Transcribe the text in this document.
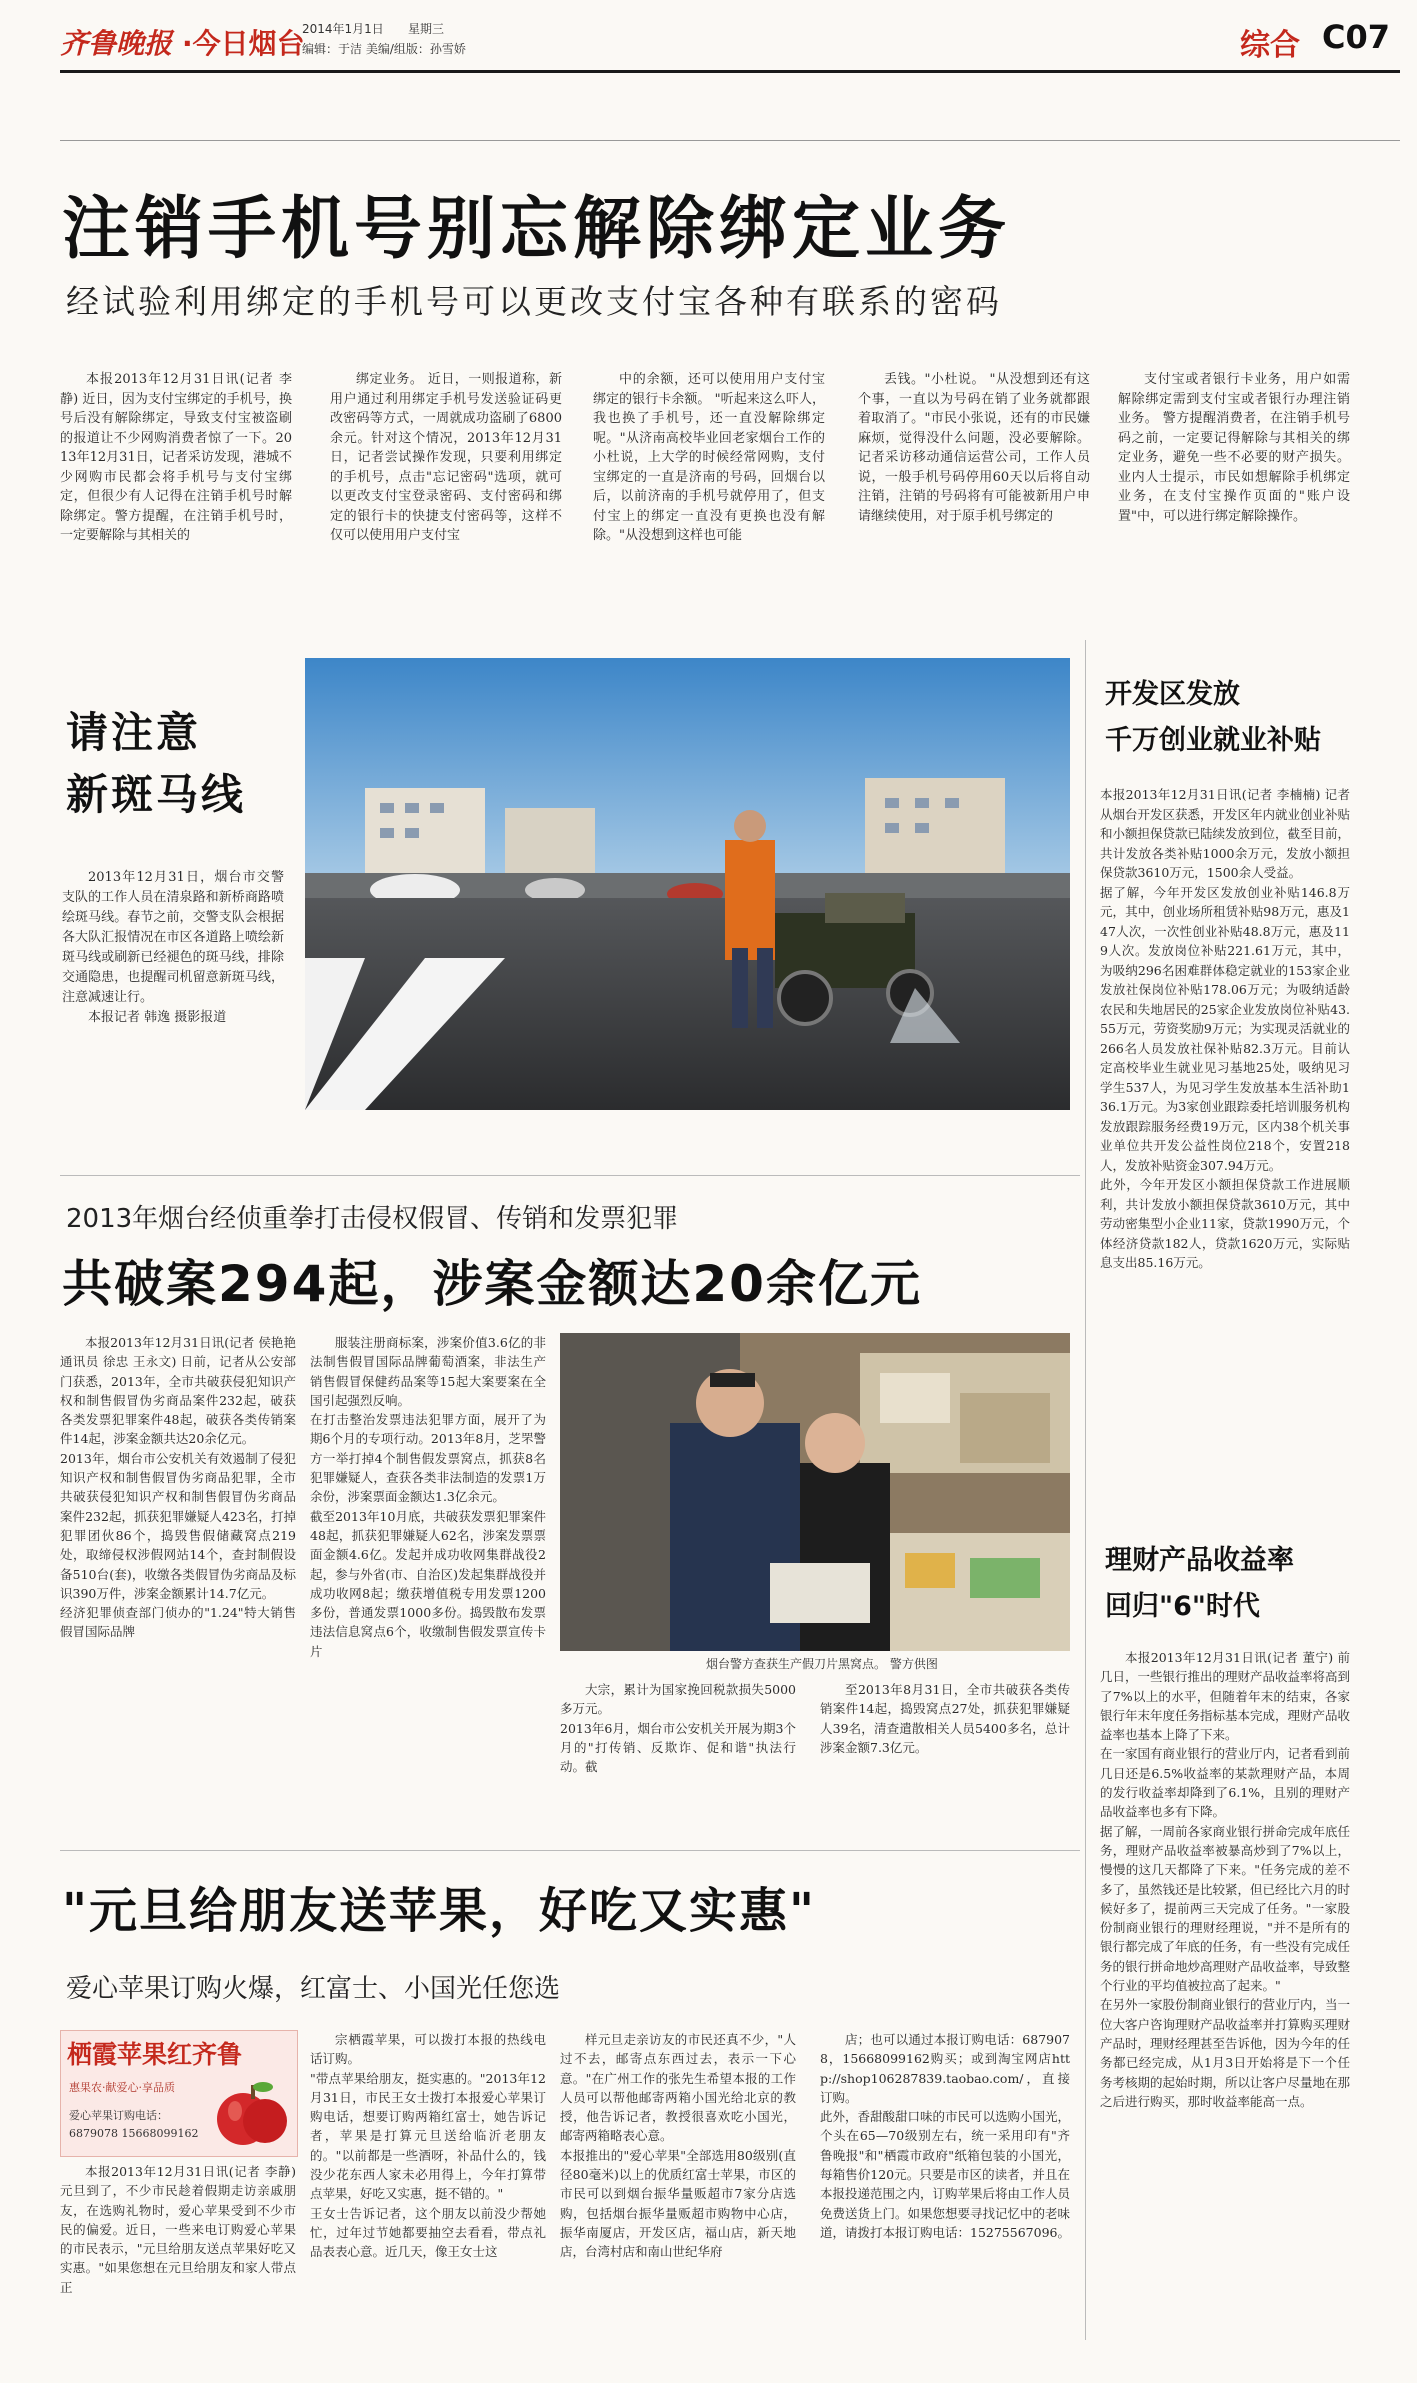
齐鲁晚报 ·今日烟台
2014年1月1日 星期三
编辑：于洁 美编/组版：孙雪娇	综合 C07
注销手机号别忘解除绑定业务
经试验利用绑定的手机号可以更改支付宝各种有联系的密码

本报2013年12月31日讯(记者 李静) 近日，因为支付宝绑定的手机号，换号后没有解除绑定，导致支付宝被盗刷的报道让不少网购消费者惊了一下。2013年12月31日，记者采访发现，港城不少网购市民都会将手机号与支付宝绑定，但很少有人记得在注销手机号时解除绑定。警方提醒，在注销手机号时，一定要解除与其相关的

绑定业务。 近日，一则报道称，新用户通过利用绑定手机号发送验证码更改密码等方式，一周就成功盗刷了6800余元。针对这个情况，2013年12月31日，记者尝试操作发现，只要利用绑定的手机号，点击"忘记密码"选项，就可以更改支付宝登录密码、支付密码和绑定的银行卡的快捷支付密码等，这样不仅可以使用用户支付宝

中的余额，还可以使用用户支付宝绑定的银行卡余额。 "听起来这么吓人，我也换了手机号，还一直没解除绑定呢。"从济南高校毕业回老家烟台工作的小杜说，上大学的时候经常网购，支付宝绑定的一直是济南的号码，回烟台以后，以前济南的手机号就停用了，但支付宝上的绑定一直没有更换也没有解除。"从没想到这样也可能

丢钱。"小杜说。 "从没想到还有这个事，一直以为号码在销了业务就都跟着取消了。"市民小张说，还有的市民嫌麻烦，觉得没什么问题，没必要解除。 记者采访移动通信运营公司，工作人员说，一般手机号码停用60天以后将自动注销，注销的号码将有可能被新用户申请继续使用，对于原手机号绑定的

支付宝或者银行卡业务，用户如需解除绑定需到支付宝或者银行办理注销业务。 警方提醒消费者，在注销手机号码之前，一定要记得解除与其相关的绑定业务，避免一些不必要的财产损失。业内人士提示，市民如想解除手机绑定业务，在支付宝操作页面的"账户设置"中，可以进行绑定解除操作。

请注意
新斑马线

2013年12月31日，烟台市交警支队的工作人员在清泉路和新桥商路喷绘斑马线。春节之前，交警支队会根据各大队汇报情况在市区各道路上喷绘新斑马线或刷新已经褪色的斑马线，排除交通隐患，也提醒司机留意新斑马线，注意减速让行。

本报记者 韩逸 摄影报道

开发区发放
千万创业就业补贴

本报2013年12月31日讯(记者 李楠楠) 记者从烟台开发区获悉，开发区年内就业创业补贴和小额担保贷款已陆续发放到位，截至目前，共计发放各类补贴1000余万元，发放小额担保贷款3610万元，1500余人受益。
据了解，今年开发区发放创业补贴146.8万元，其中，创业场所租赁补贴98万元，惠及147人次，一次性创业补贴48.8万元，惠及119人次。发放岗位补贴221.61万元，其中，为吸纳296名困难群体稳定就业的153家企业发放社保岗位补贴178.06万元；为吸纳适龄农民和失地居民的25家企业发放岗位补贴43.55万元，劳资奖励9万元；为实现灵活就业的266名人员发放社保补贴82.3万元。目前认定高校毕业生就业见习基地25处，吸纳见习学生537人，为见习学生发放基本生活补助136.1万元。为3家创业跟踪委托培训服务机构发放跟踪服务经费19万元，区内38个机关事业单位共开发公益性岗位218个，安置218人，发放补贴资金307.94万元。
此外，今年开发区小额担保贷款工作进展顺利，共计发放小额担保贷款3610万元，其中劳动密集型小企业11家，贷款1990万元，个体经济贷款182人，贷款1620万元，实际贴息支出85.16万元。

2013年烟台经侦重拳打击侵权假冒、传销和发票犯罪
共破案294起，涉案金额达20余亿元

本报2013年12月31日讯(记者 侯艳艳 通讯员 徐忠 王永文) 日前，记者从公安部门获悉，2013年，全市共破获侵犯知识产权和制售假冒伪劣商品案件232起，破获各类发票犯罪案件48起，破获各类传销案件14起，涉案金额共达20余亿元。
2013年，烟台市公安机关有效遏制了侵犯知识产权和制售假冒伪劣商品犯罪，全市共破获侵犯知识产权和制售假冒伪劣商品案件232起，抓获犯罪嫌疑人423名，打掉犯罪团伙86个，捣毁售假储藏窝点219处，取缔侵权涉假网站14个，查封制假设备510台(套)，收缴各类假冒伪劣商品及标识390万件，涉案金额累计14.7亿元。
经济犯罪侦查部门侦办的"1.24"特大销售假冒国际品牌

服装注册商标案，涉案价值3.6亿的非法制售假冒国际品牌葡萄酒案，非法生产销售假冒保健药品案等15起大案要案在全国引起强烈反响。
在打击整治发票违法犯罪方面，展开了为期6个月的专项行动。2013年8月，芝罘警方一举打掉4个制售假发票窝点，抓获8名犯罪嫌疑人，查获各类非法制造的发票1万余份，涉案票面金额达1.3亿余元。
截至2013年10月底，共破获发票犯罪案件48起，抓获犯罪嫌疑人62名，涉案发票票面金额4.6亿。发起并成功收网集群战役2起，参与外省(市、自治区)发起集群战役并成功收网8起；缴获增值税专用发票1200多份，普通发票1000多份。捣毁散布发票违法信息窝点6个，收缴制售假发票宣传卡片

烟台警方查获生产假刀片黑窝点。 警方供图

大宗，累计为国家挽回税款损失5000多万元。
2013年6月，烟台市公安机关开展为期3个月的"打传销、反欺诈、促和谐"执法行动。截

至2013年8月31日，全市共破获各类传销案件14起，捣毁窝点27处，抓获犯罪嫌疑人39名，清查遣散相关人员5400多名，总计涉案金额7.3亿元。

理财产品收益率
回归"6"时代

本报2013年12月31日讯(记者 董宁) 前几日，一些银行推出的理财产品收益率将高到了7%以上的水平，但随着年末的结束，各家银行年末年度任务指标基本完成，理财产品收益率也基本上降了下来。
在一家国有商业银行的营业厅内，记者看到前几日还是6.5%收益率的某款理财产品，本周的发行收益率却降到了6.1%，且别的理财产品收益率也多有下降。
据了解，一周前各家商业银行拼命完成年底任务，理财产品收益率被暴高炒到了7%以上，慢慢的这几天都降了下来。"任务完成的差不多了，虽然钱还是比较紧，但已经比六月的时候好多了，提前两三天完成了任务。"一家股份制商业银行的理财经理说，"并不是所有的银行都完成了年底的任务，有一些没有完成任务的银行拼命地炒高理财产品收益率，导致整个行业的平均值被拉高了起来。"
在另外一家股份制商业银行的营业厅内，当一位大客户咨询理财产品收益率并打算购买理财产品时，理财经理甚至告诉他，因为今年的任务都已经完成，从1月3日开始将是下一个任务考核期的起始时期，所以让客户尽量地在那之后进行购买，那时收益率能高一点。

"元旦给朋友送苹果，好吃又实惠"
爱心苹果订购火爆，红富士、小国光任您选
栖霞苹果红齐鲁
惠果农·献爱心·享品质
爱心苹果订购电话：
6879078 15668099162

本报2013年12月31日讯(记者 李静) 元旦到了，不少市民趁着假期走访亲戚朋友，在选购礼物时，爱心苹果受到不少市民的偏爱。近日，一些来电订购爱心苹果的市民表示，"元旦给朋友送点苹果好吃又实惠。"如果您想在元旦给朋友和家人带点正

宗栖霞苹果，可以拨打本报的热线电话订购。
"带点苹果给朋友，挺实惠的。"2013年12月31日，市民王女士拨打本报爱心苹果订购电话，想要订购两箱红富士，她告诉记者，苹果是打算元旦送给临沂老朋友的。"以前都是一些酒呀，补品什么的，钱没少花东西人家未必用得上，今年打算带点苹果，好吃又实惠，挺不错的。"
王女士告诉记者，这个朋友以前没少帮她忙，过年过节她都要抽空去看看，带点礼品表表心意。近几天，像王女士这

样元旦走亲访友的市民还真不少，"人过不去，邮寄点东西过去，表示一下心意。"在广州工作的张先生希望本报的工作人员可以帮他邮寄两箱小国光给北京的教授，他告诉记者，教授很喜欢吃小国光，邮寄两箱略表心意。
本报推出的"爱心苹果"全部选用80级别(直径80毫米)以上的优质红富士苹果，市区的市民可以到烟台振华量贩超市7家分店选购，包括烟台振华量贩超市购物中心店，振华南厦店，开发区店，福山店，新天地店，台湾村店和南山世纪华府

店；也可以通过本报订购电话：6879078，15668099162购买；或到淘宝网店http://shop106287839.taobao.com/，直接订购。
此外，香甜酸甜口味的市民可以选购小国光，个头在65—70级别左右，统一采用印有"齐鲁晚报"和"栖霞市政府"纸箱包装的小国光，每箱售价120元。只要是市区的读者，并且在本报投递范围之内，订购苹果后将由工作人员免费送货上门。如果您想要寻找记忆中的老味道，请拨打本报订购电话：15275567096。
